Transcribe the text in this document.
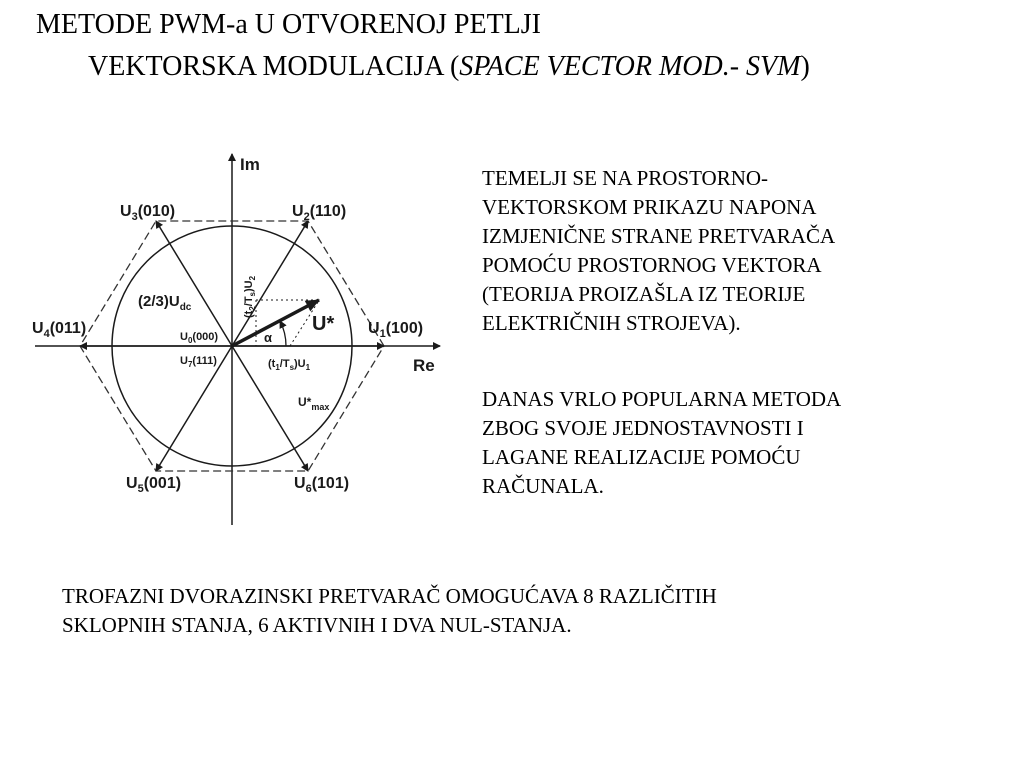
METODE PWM-a U OTVORENOJ PETLJI
VEKTORSKA MODULACIJA (SPACE VECTOR MOD.- SVM)
Im
Re
$U_3(010)$	$U_2(110)$
$U_4(011)$	$U_1(100)$
$U_5(001)$	$U_6(101)$
$(2/3)U_{dc}$
$U_0(000)$
$U_7(111)$
U*
α
$U*_{max}$
$(t_1/T_s)U_1$
$(t_2/T_s)U_2$

TEMELJI SE NA PROSTORNO-
VEKTORSKOM PRIKAZU NAPONA
IZMJENIČNE STRANE PRETVARAČA
POMOĆU PROSTORNOG VEKTORA
(TEORIJA PROIZAŠLA IZ TEORIJE
ELEKTRIČNIH STROJEVA).

DANAS VRLO POPULARNA METODA
ZBOG SVOJE JEDNOSTAVNOSTI I
LAGANE REALIZACIJE POMOĆU
RAČUNALA.

TROFAZNI DVORAZINSKI PRETVARAČ OMOGUĆAVA 8 RAZLIČITIH
SKLOPNIH STANJA, 6 AKTIVNIH I DVA NUL-STANJA.
